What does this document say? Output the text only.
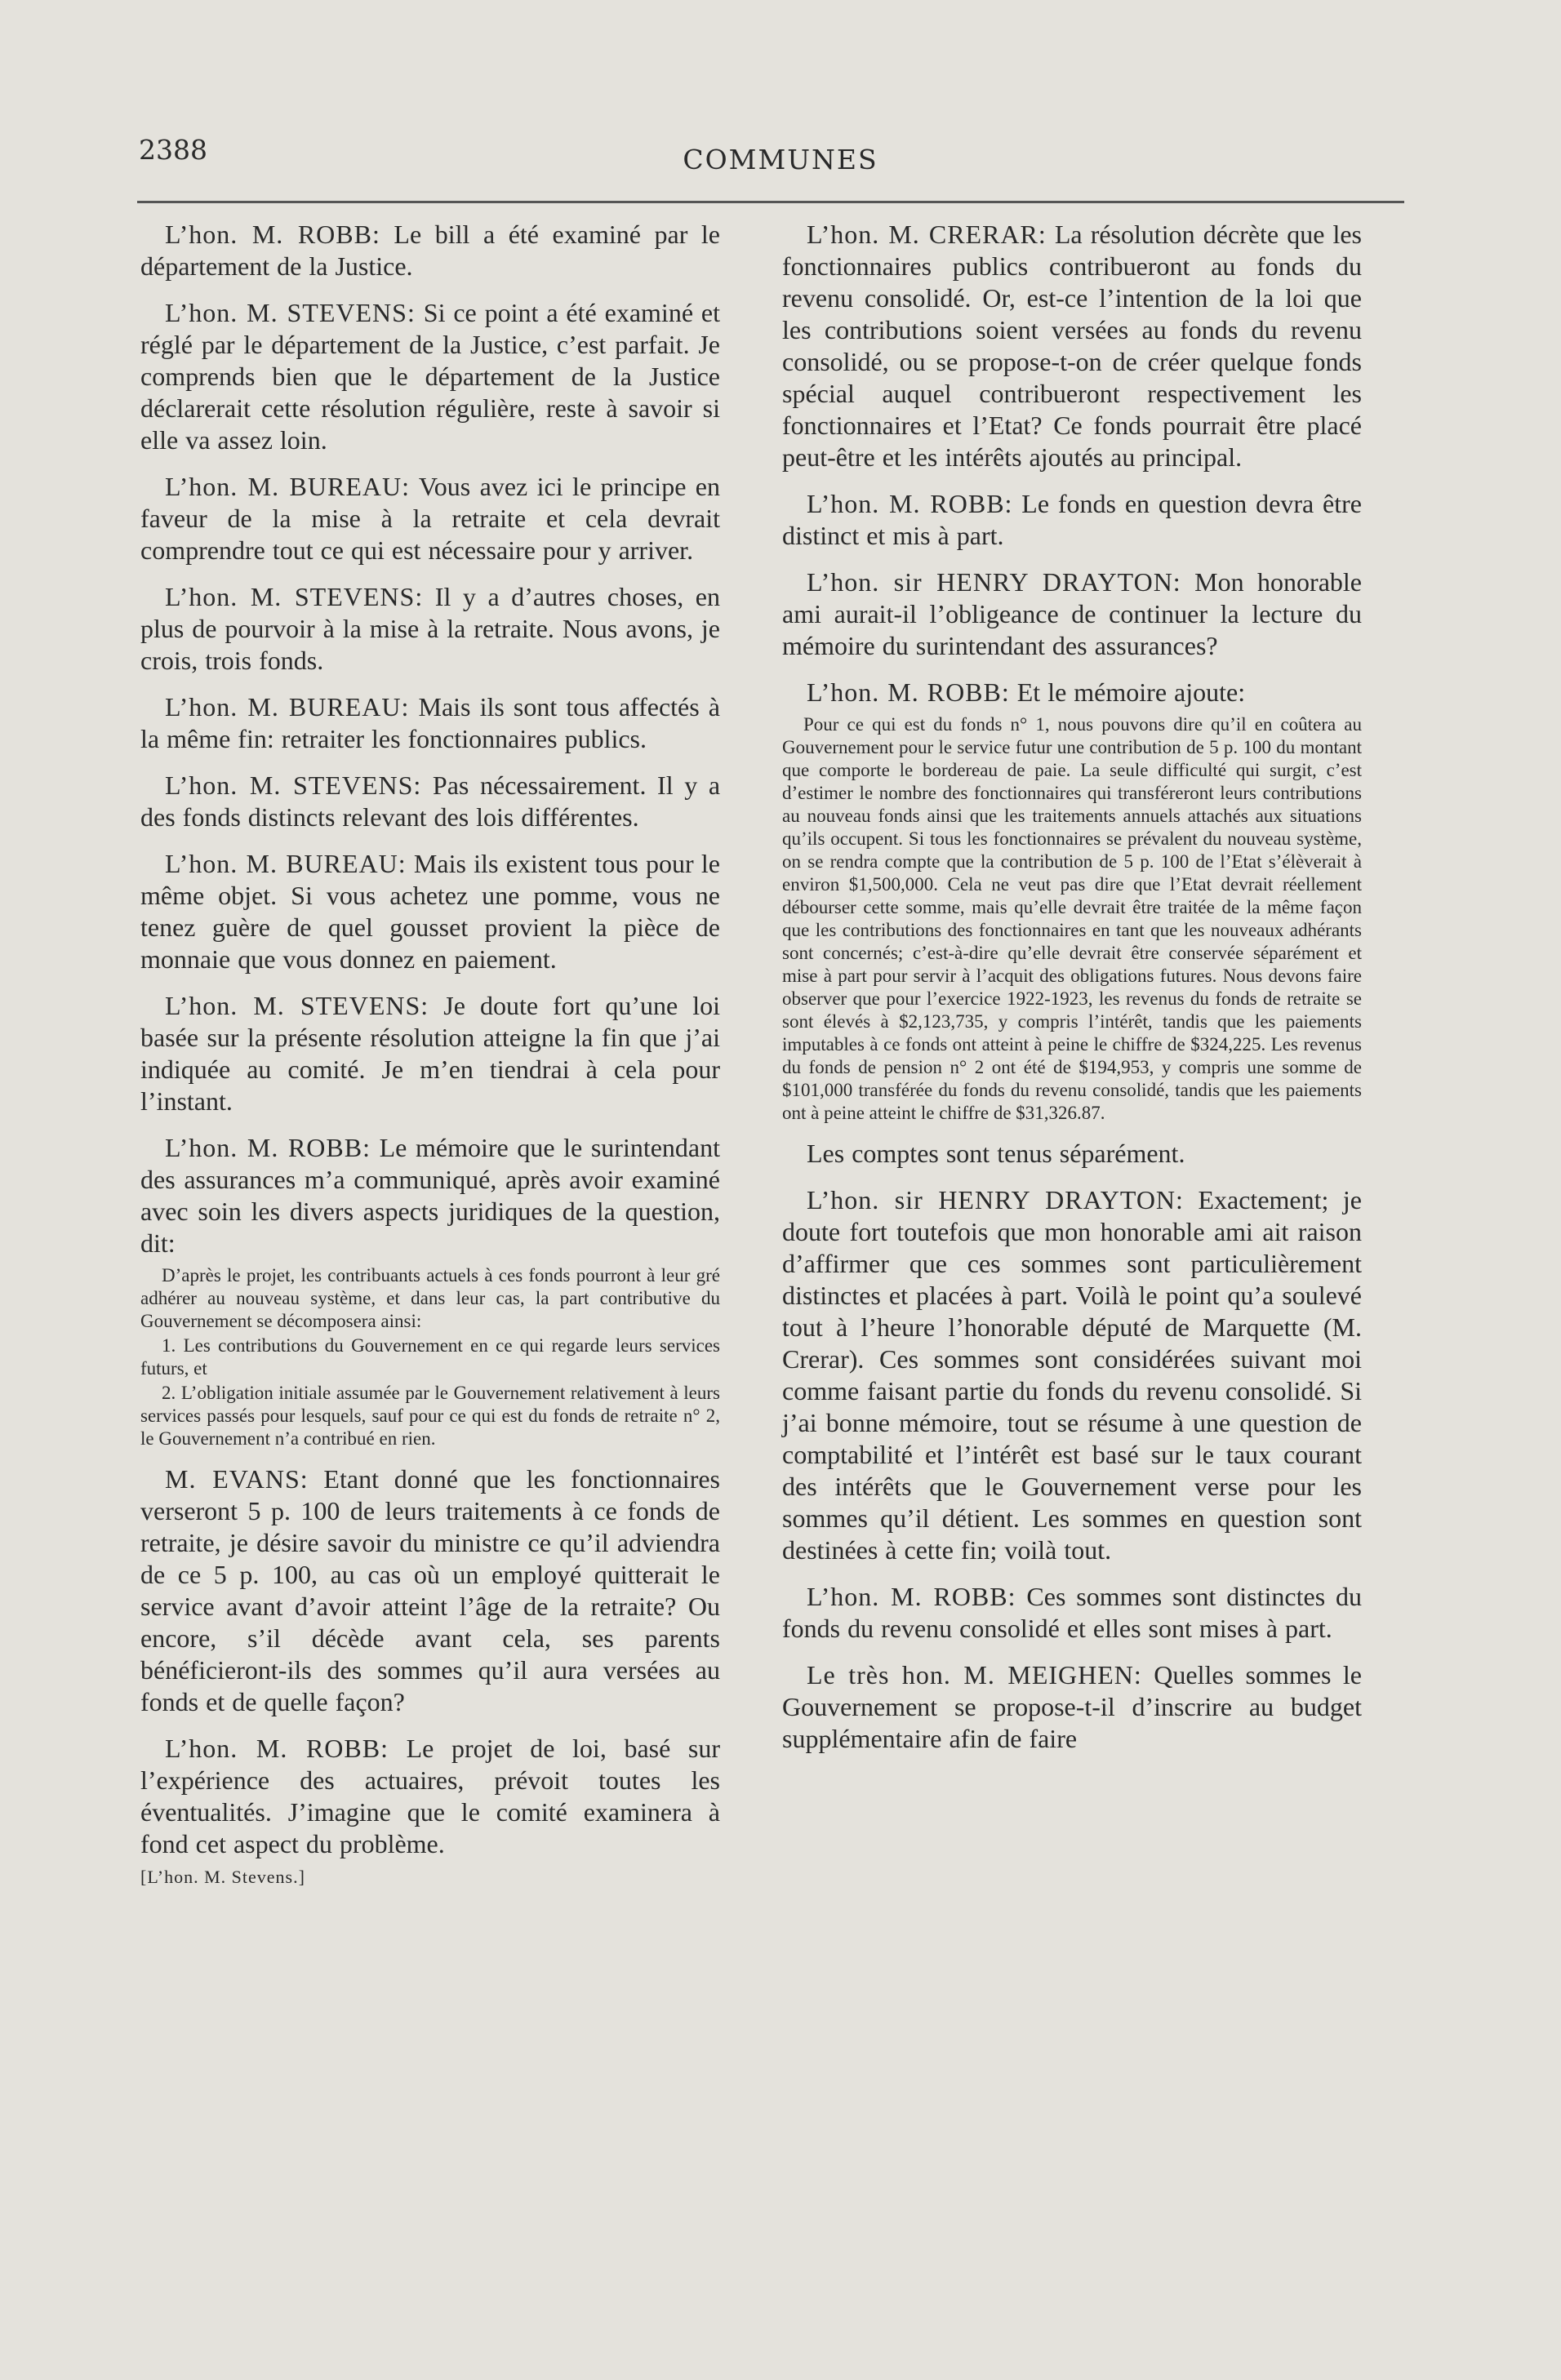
2388	COMMUNES

L’hon. M. ROBB: Le bill a été examiné par le département de la Justice.

L’hon. M. STEVENS: Si ce point a été examiné et réglé par le département de la Justice, c’est parfait. Je comprends bien que le département de la Justice déclarerait cette résolution régulière, reste à savoir si elle va assez loin.

L’hon. M. BUREAU: Vous avez ici le principe en faveur de la mise à la retraite et cela devrait comprendre tout ce qui est nécessaire pour y arriver.

L’hon. M. STEVENS: Il y a d’autres choses, en plus de pourvoir à la mise à la retraite. Nous avons, je crois, trois fonds.

L’hon. M. BUREAU: Mais ils sont tous affectés à la même fin: retraiter les fonctionnaires publics.

L’hon. M. STEVENS: Pas nécessairement. Il y a des fonds distincts relevant des lois différentes.

L’hon. M. BUREAU: Mais ils existent tous pour le même objet. Si vous achetez une pomme, vous ne tenez guère de quel gousset provient la pièce de monnaie que vous donnez en paiement.

L’hon. M. STEVENS: Je doute fort qu’une loi basée sur la présente résolution atteigne la fin que j’ai indiquée au comité. Je m’en tiendrai à cela pour l’instant.

L’hon. M. ROBB: Le mémoire que le surintendant des assurances m’a communiqué, après avoir examiné avec soin les divers aspects juridiques de la question, dit:

D’après le projet, les contribuants actuels à ces fonds pourront à leur gré adhérer au nouveau système, et dans leur cas, la part contributive du Gouvernement se décomposera ainsi:

1. Les contributions du Gouvernement en ce qui regarde leurs services futurs, et

2. L’obligation initiale assumée par le Gouvernement relativement à leurs services passés pour lesquels, sauf pour ce qui est du fonds de retraite n° 2, le Gouvernement n’a contribué en rien.

M. EVANS: Etant donné que les fonctionnaires verseront 5 p. 100 de leurs traitements à ce fonds de retraite, je désire savoir du ministre ce qu’il adviendra de ce 5 p. 100, au cas où un employé quitterait le service avant d’avoir atteint l’âge de la retraite? Ou encore, s’il décède avant cela, ses parents bénéficieront-ils des sommes qu’il aura versées au fonds et de quelle façon?

L’hon. M. ROBB: Le projet de loi, basé sur l’expérience des actuaires, prévoit toutes les éventualités. J’imagine que le comité examinera à fond cet aspect du problème.

[L’hon. M. Stevens.]

L’hon. M. CRERAR: La résolution décrète que les fonctionnaires publics contribueront au fonds du revenu consolidé. Or, est-ce l’intention de la loi que les contributions soient versées au fonds du revenu consolidé, ou se propose-t-on de créer quelque fonds spécial auquel contribueront respectivement les fonctionnaires et l’Etat? Ce fonds pourrait être placé peut-être et les intérêts ajoutés au principal.

L’hon. M. ROBB: Le fonds en question devra être distinct et mis à part.

L’hon. sir HENRY DRAYTON: Mon honorable ami aurait-il l’obligeance de continuer la lecture du mémoire du surintendant des assurances?

L’hon. M. ROBB: Et le mémoire ajoute:

Pour ce qui est du fonds n° 1, nous pouvons dire qu’il en coûtera au Gouvernement pour le service futur une contribution de 5 p. 100 du montant que comporte le bordereau de paie. La seule difficulté qui surgit, c’est d’estimer le nombre des fonctionnaires qui transféreront leurs contributions au nouveau fonds ainsi que les traitements annuels attachés aux situations qu’ils occupent. Si tous les fonctionnaires se prévalent du nouveau système, on se rendra compte que la contribution de 5 p. 100 de l’Etat s’élèverait à environ $1,500,000. Cela ne veut pas dire que l’Etat devrait réellement débourser cette somme, mais qu’elle devrait être traitée de la même façon que les contributions des fonctionnaires en tant que les nouveaux adhérants sont concernés; c’est-à-dire qu’elle devrait être conservée séparément et mise à part pour servir à l’acquit des obligations futures. Nous devons faire observer que pour l’exercice 1922-1923, les revenus du fonds de retraite se sont élevés à $2,123,735, y compris l’intérêt, tandis que les paiements imputables à ce fonds ont atteint à peine le chiffre de $324,225. Les revenus du fonds de pension n° 2 ont été de $194,953, y compris une somme de $101,000 transférée du fonds du revenu consolidé, tandis que les paiements ont à peine atteint le chiffre de $31,326.87.

Les comptes sont tenus séparément.

L’hon. sir HENRY DRAYTON: Exactement; je doute fort toutefois que mon honorable ami ait raison d’affirmer que ces sommes sont particulièrement distinctes et placées à part. Voilà le point qu’a soulevé tout à l’heure l’honorable député de Marquette (M. Crerar). Ces sommes sont considérées suivant moi comme faisant partie du fonds du revenu consolidé. Si j’ai bonne mémoire, tout se résume à une question de comptabilité et l’intérêt est basé sur le taux courant des intérêts que le Gouvernement verse pour les sommes qu’il détient. Les sommes en question sont destinées à cette fin; voilà tout.

L’hon. M. ROBB: Ces sommes sont distinctes du fonds du revenu consolidé et elles sont mises à part.

Le très hon. M. MEIGHEN: Quelles sommes le Gouvernement se propose-t-il d’inscrire au budget supplémentaire afin de faire
